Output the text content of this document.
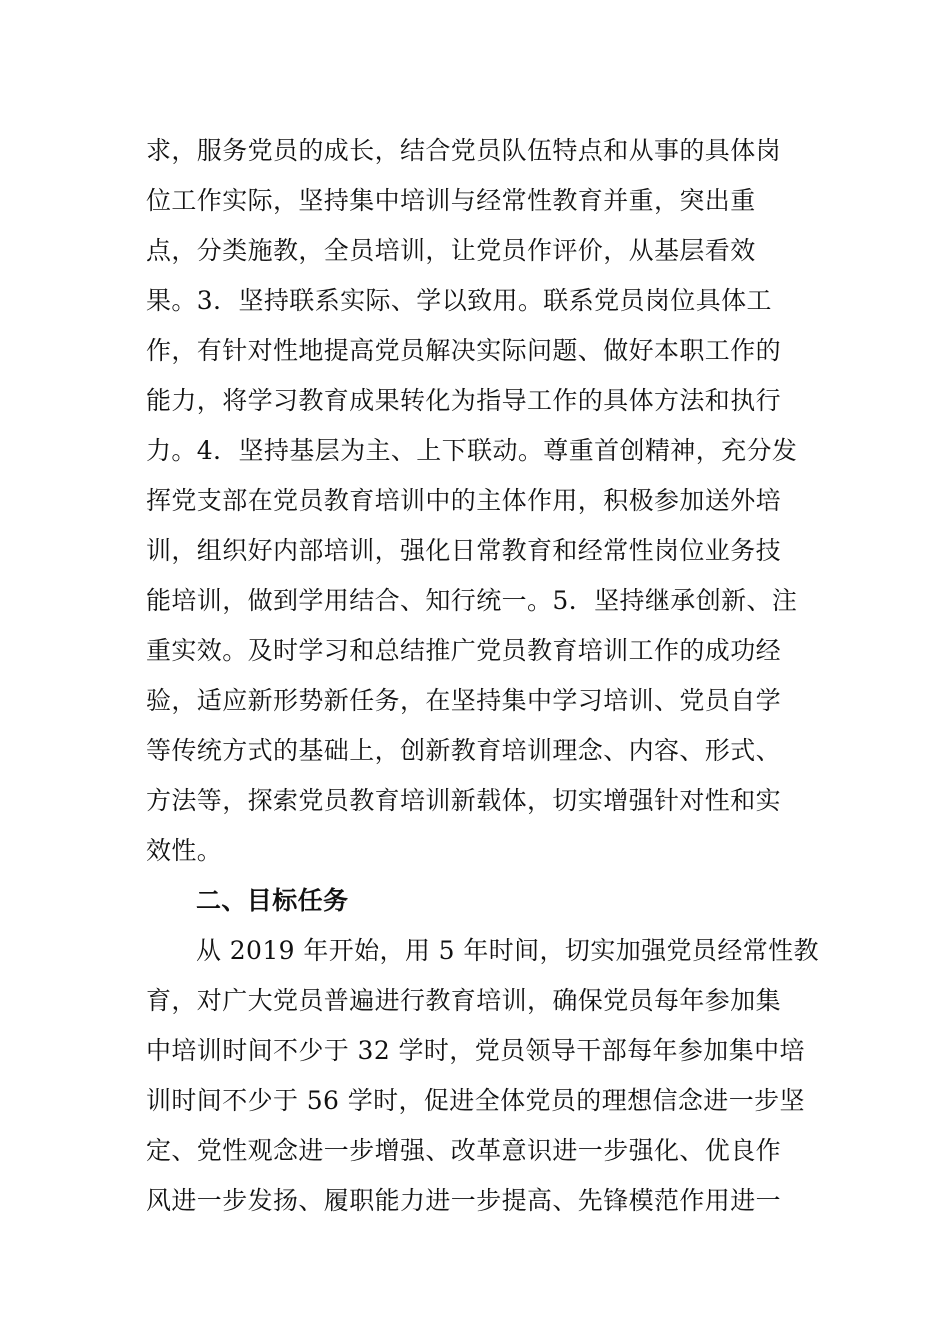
求，服务党员的成长，结合党员队伍特点和从事的具体岗
位工作实际，坚持集中培训与经常性教育并重，突出重
点，分类施教，全员培训，让党员作评价，从基层看效
果。3．坚持联系实际、学以致用。联系党员岗位具体工
作，有针对性地提高党员解决实际问题、做好本职工作的
能力，将学习教育成果转化为指导工作的具体方法和执行
力。4．坚持基层为主、上下联动。尊重首创精神，充分发
挥党支部在党员教育培训中的主体作用，积极参加送外培
训，组织好内部培训，强化日常教育和经常性岗位业务技
能培训，做到学用结合、知行统一。5．坚持继承创新、注
重实效。及时学习和总结推广党员教育培训工作的成功经
验，适应新形势新任务，在坚持集中学习培训、党员自学
等传统方式的基础上，创新教育培训理念、内容、形式、
方法等，探索党员教育培训新载体，切实增强针对性和实
效性。
二、目标任务
从 2019 年开始，用 5 年时间，切实加强党员经常性教
育，对广大党员普遍进行教育培训，确保党员每年参加集
中培训时间不少于 32 学时，党员领导干部每年参加集中培
训时间不少于 56 学时，促进全体党员的理想信念进一步坚
定、党性观念进一步增强、改革意识进一步强化、优良作
风进一步发扬、履职能力进一步提高、先锋模范作用进一
